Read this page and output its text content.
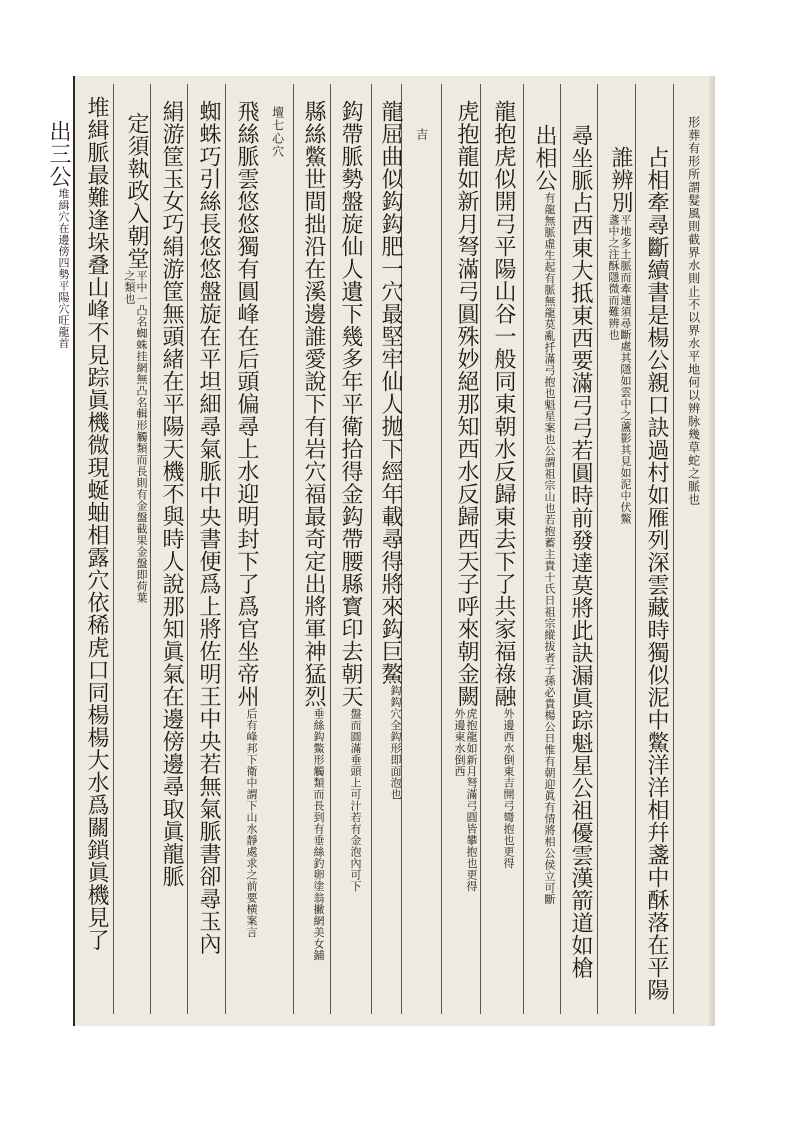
形葬有形所謂髮風則截界水則止不以界水平地何以辨脉幾草蛇之脈也
占相牽尋斷續書是楊公親口訣過村如雁列深雲藏時獨似泥中鱉洋洋相幷盞中酥落在平陽
誰辨別平地多土脈而牽連須尋斷處其隱如雲中之蘆影其見如泥中伏鱉盞中之注酥隱微而難辨也
尋坐脈占西東大抵東西要滿弓弓若圓時前發達莫將此訣漏眞踪魁星公祖優雲漢箭道如槍
出相公有龍無脈虛生起有脈無龍莫亂扦滿弓抱也魁星案也公謂祖宗山也若抱蓄主貴十氏日祖宗縱拔者子孫必貴楊公日惟有朝迎眞有情將相公侯立可斷
龍抱虎似開弓平陽山谷一般同東朝水反歸東去下了共家福祿融外邊西水倒東吉開弓彎抱也更得
虎抱龍如新月弩滿弓圓殊妙絕那知西水反歸西天子呼來朝金闕虎抱龍如新月弩滿弓圓皆攀抱也更得外邊東水倒西
吉
龍屈曲似鈎鈎肥一穴最堅牢仙人拋下經年載尋得將來鈎巨鰲鈎鈎穴全鈎形即面泡也
鈎帶脈勢盤旋仙人遺下幾多年平衛拾得金鈎帶腰縣寳印去朝天盤而圓滿垂頭上可汁若有金泡內可下
縣絲鱉世間拙沿在溪邊誰愛說下有岩穴福最奇定出將軍神猛烈垂絲鈎鱉形觸類而長到有垂絲釣卵塗翁撇網美女鋪
壇七心穴
飛絲脈雲悠悠獨有圓峰在后頭偏尋上水迎明封下了爲官坐帝州后有峰邦下衛中謂下山水靜處求之前要横案言
蜘蛛巧引絲長悠悠盤旋在平坦細尋氣脈中央書便爲上將佐明王中央若無氣脈書卻尋玉內
絹游筐玉女巧絹游筐無頭緒在平陽天機不與時人說那知眞氣在邊傍邊尋取眞龍脈
定須執政入朝堂平中一凸名蜘蛛挂網無凸名輯形觸類而長則有金盤截果金盤即荷葉之類也
堆緝脈最難逢垛叠山峰不見踪眞機微現蜒蚰相露穴依稀虎口同楊楊大水爲關鎖眞機見了
出三公堆緝穴在邊傍四勢平陽穴旺龍首
